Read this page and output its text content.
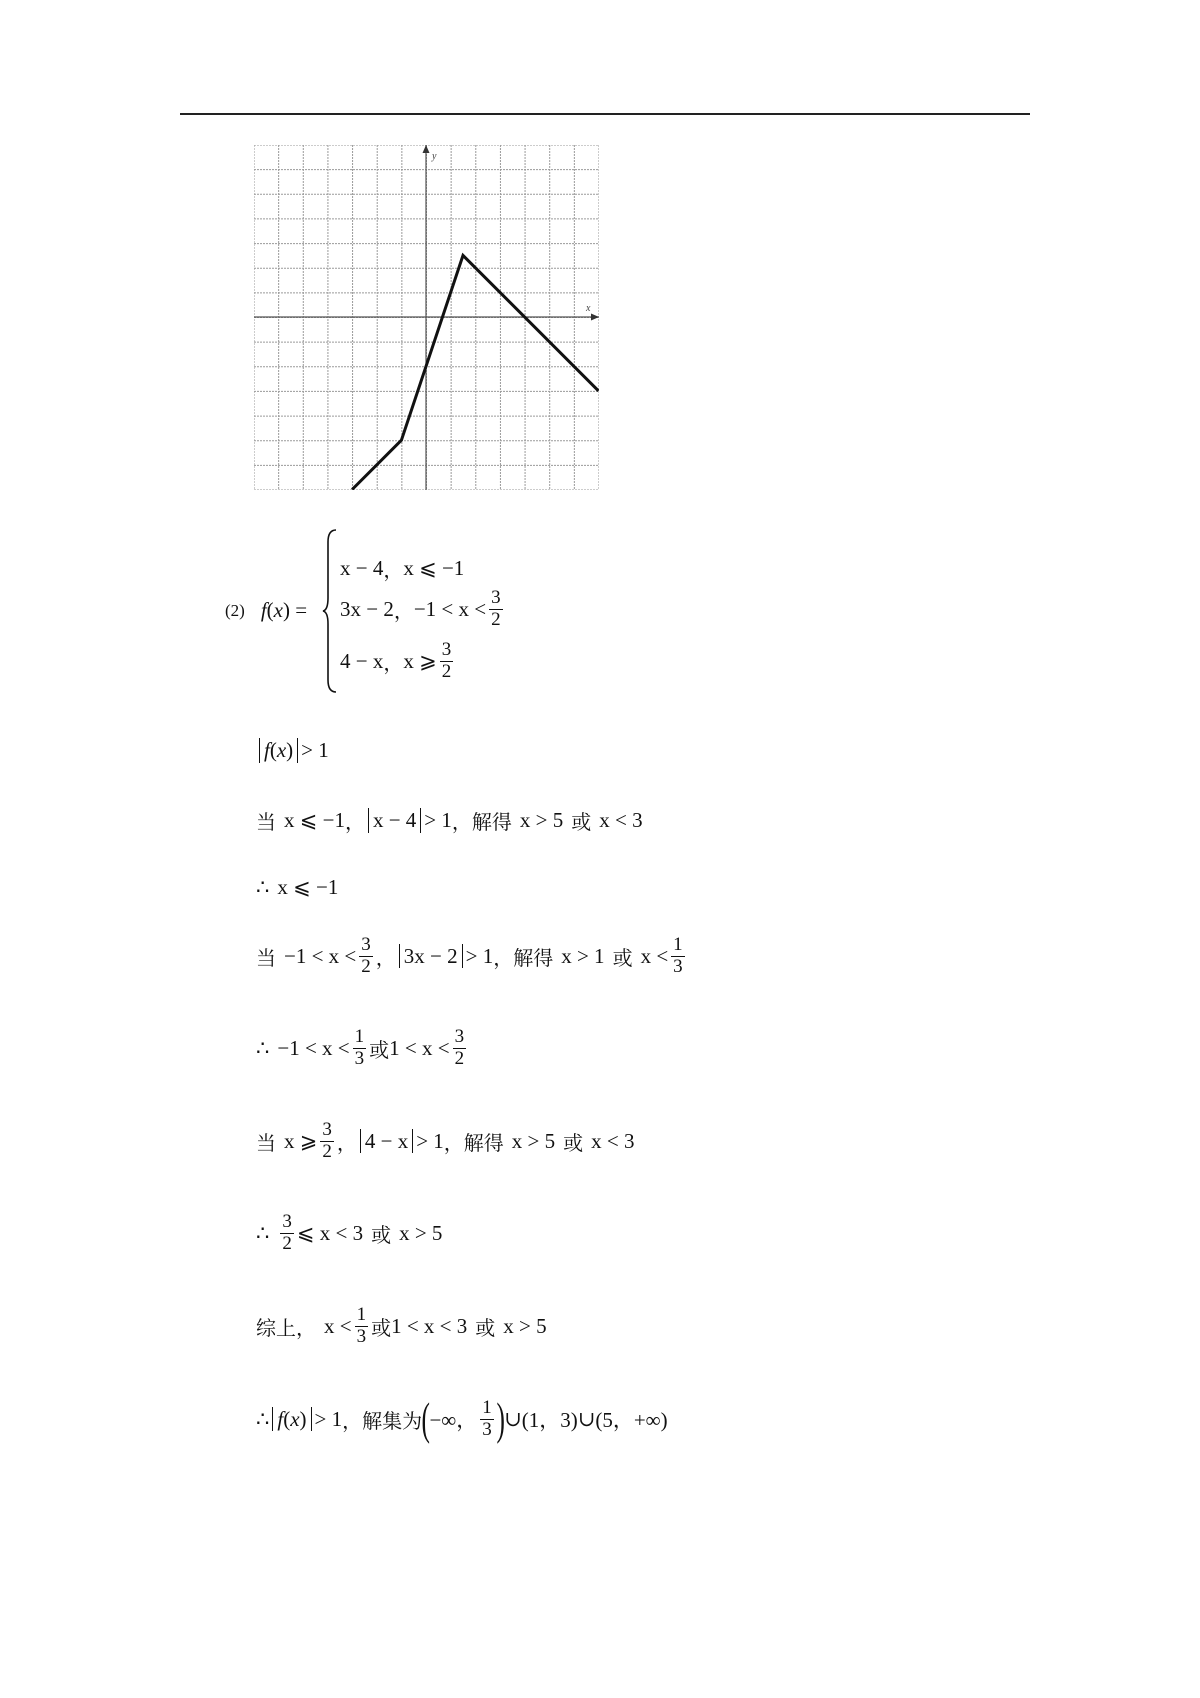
x
y
(2) f ( x ) =
x − 4 ， x ⩽ −1
3x − 2 ， $-1 < x < \frac{3}{2}$
4 − x ， x ⩾ $\frac{3}{2}$
f(x) > 1
当 x ⩽ −1 ， x − 4 > 1 ， 解得 x > 5 或 x < 3
∴ x ⩽ −1
当 $-1 < x < \frac{3}{2}$ ， 3x − 2 > 1 ， 解得 x > 1 或 $x < \frac{1}{3}$
∴ $-1 < x < \frac{1}{3}$ 或 $1 < x < \frac{3}{2}$
当 x ⩾ $\frac{3}{2}$ ， 4 − x > 1 ， 解得 x > 5 或 x < 3
∴ $\frac{3}{2}$ ⩽ x < 3 或 x > 5
综上， $x < \frac{1}{3}$ 或 1 < x < 3 或 x > 5
∴ f(x) > 1 ， 解集为 ( −∞， $\frac{1}{3}$ ) ∪ (1，3) ∪ (5，+∞)
